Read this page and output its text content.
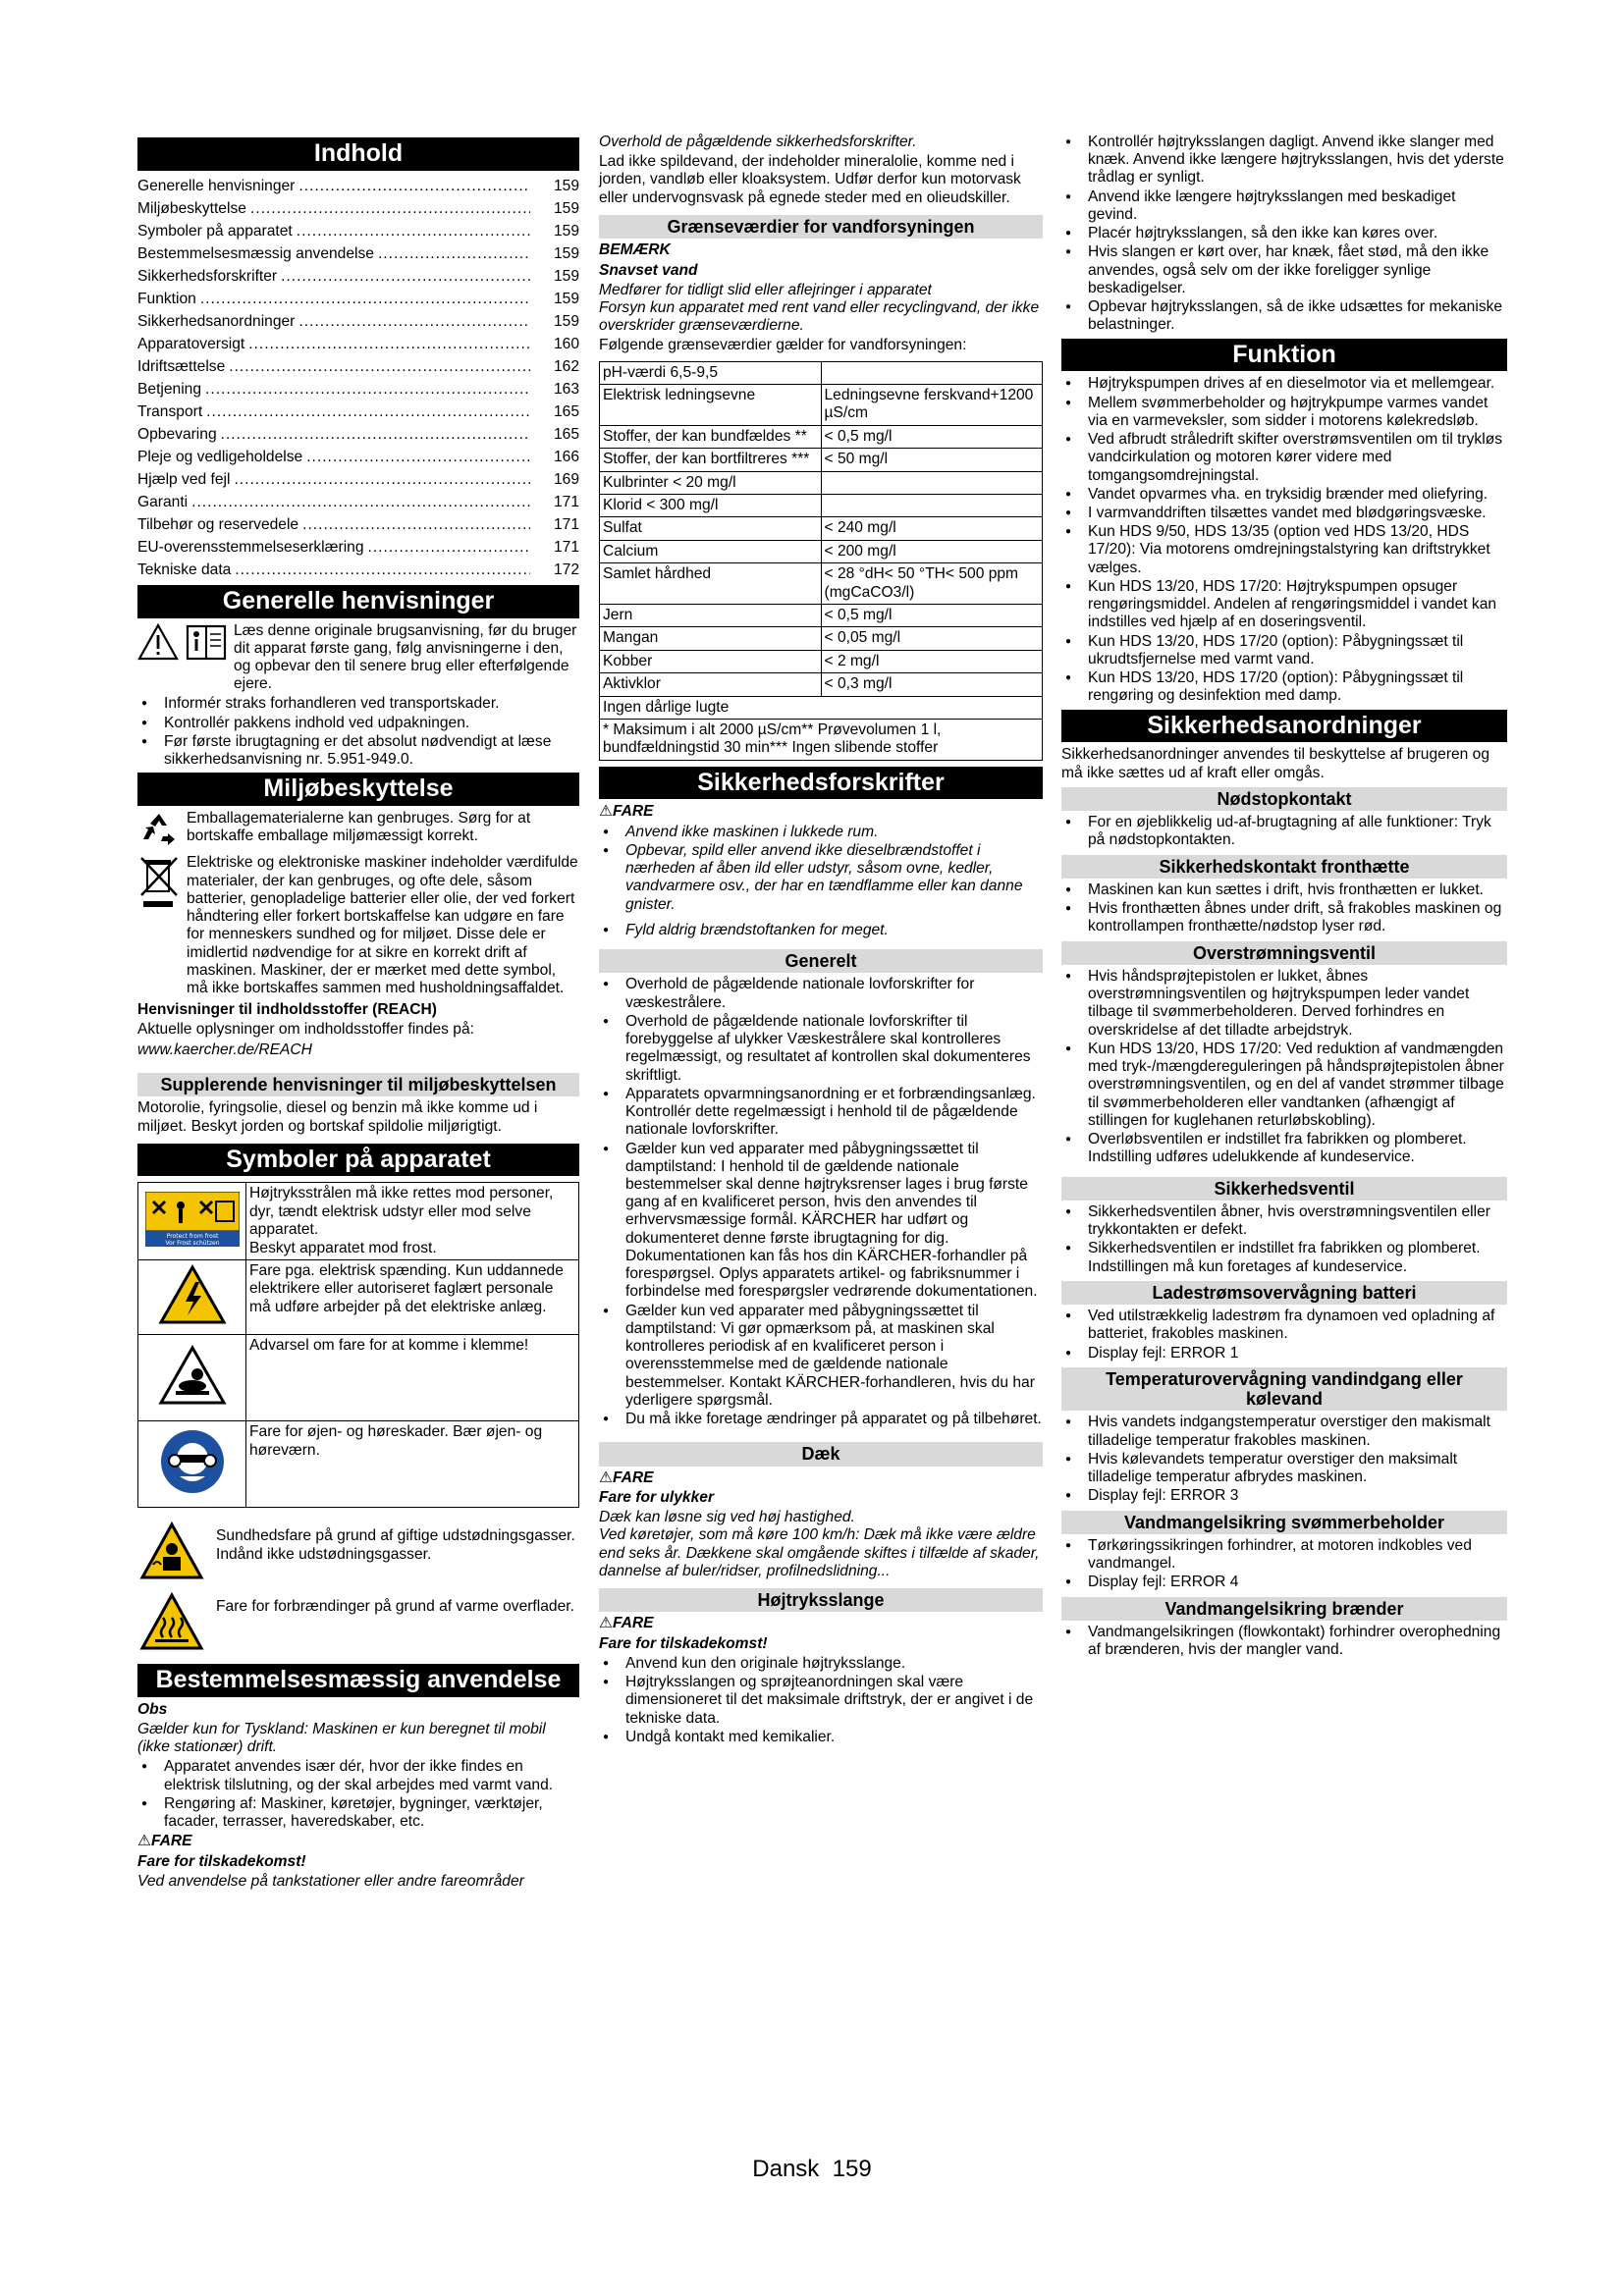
Indhold
Generelle henvisninger .....	159
Miljøbeskyttelse .....	159
Symboler på apparatet .....	159
Bestemmelsesmæssig anvendelse .....	159
Sikkerhedsforskrifter .....	159
Funktion .....	159
Sikkerhedsanordninger .....	159
Apparatoversigt .....	160
Idriftsættelse .....	162
Betjening .....	163
Transport .....	165
Opbevaring .....	165
Pleje og vedligeholdelse .....	166
Hjælp ved fejl .....	169
Garanti .....	171
Tilbehør og reservedele .....	171
EU-overensstemmelseserklæring .....	171
Tekniske data .....	172
Generelle henvisninger

Læs denne originale brugsanvisning, før du bruger dit apparat første gang, følg anvisningerne i den, og opbevar den til senere brug eller efterfølgende ejere.

● Informér straks forhandleren ved transportskader.
● Kontrollér pakkens indhold ved udpakningen.
● Før første ibrugtagning er det absolut nødvendigt at læse sikkerhedsanvisning nr. 5.951-949.0.
Miljøbeskyttelse

Emballagematerialerne kan genbruges. Sørg for at bortskaffe emballage miljømæssigt korrekt.

Elektriske og elektroniske maskiner indeholder værdifulde materialer, der kan genbruges, og ofte dele, såsom batterier, genopladelige batterier eller olie, der ved forkert håndtering eller forkert bortskaffelse kan udgøre en fare for menneskers sundhed og for miljøet. Disse dele er imidlertid nødvendige for at sikre en korrekt drift af maskinen. Maskiner, der er mærket med dette symbol, må ikke bortskaffes sammen med husholdningsaffaldet.

Henvisninger til indholdsstoffer (REACH)

Aktuelle oplysninger om indholdsstoffer findes på:

www.kaercher.de/REACH

Supplerende henvisninger til miljøbeskyttelsen

Motorolie, fyringsolie, diesel og benzin må ikke komme ud i miljøet. Beskyt jorden og bortskaf spildolie miljørigtigt.

Symboler på apparatet
Protect from frost
Vor Frost schützen	Højtryksstrålen må ikke rettes mod personer, dyr, tændt elektrisk udstyr eller mod selve apparatet.
Beskyt apparatet mod frost.
	Fare pga. elektrisk spænding. Kun uddannede elektrikere eller autoriseret faglært personale må udføre arbejder på det elektriske anlæg.
	Advarsel om fare for at komme i klemme!
	Fare for øjen- og høreskader. Bær øjen- og høreværn.

Sundhedsfare på grund af giftige udstødningsgasser. Indånd ikke udstødningsgasser.

Fare for forbrændinger på grund af varme overflader.

Bestemmelsesmæssig anvendelse

Obs

Gælder kun for Tyskland: Maskinen er kun beregnet til mobil (ikke stationær) drift.

● Apparatet anvendes især dér, hvor der ikke findes en elektrisk tilslutning, og der skal arbejdes med varmt vand.
● Rengøring af: Maskiner, køretøjer, bygninger, værktøjer, facader, terrasser, haveredskaber, etc.

⚠FARE

Fare for tilskadekomst!

Ved anvendelse på tankstationer eller andre fareområder

Overhold de pågældende sikkerhedsforskrifter.

Lad ikke spildevand, der indeholder mineralolie, komme ned i jorden, vandløb eller kloaksystem. Udfør derfor kun motorvask eller undervognsvask på egnede steder med en olieudskiller.

Grænseværdier for vandforsyningen

BEMÆRK

Snavset vand

Medfører for tidligt slid eller aflejringer i apparatet
Forsyn kun apparatet med rent vand eller recyclingvand, der ikke overskrider grænseværdierne.

Følgende grænseværdier gælder for vandforsyningen:

pH-værdi 6,5-9,5	
Elektrisk ledningsevne	Ledningsevne ferskvand+1200 µS/cm
Stoffer, der kan bundfældes **	< 0,5 mg/l
Stoffer, der kan bortfiltreres ***	< 50 mg/l
Kulbrinter < 20 mg/l	
Klorid < 300 mg/l	
Sulfat	< 240 mg/l
Calcium	< 200 mg/l
Samlet hårdhed	< 28 °dH< 50 °TH< 500 ppm (mgCaCO3/l)
Jern	< 0,5 mg/l
Mangan	< 0,05 mg/l
Kobber	< 2 mg/l
Aktivklor	< 0,3 mg/l
Ingen dårlige lugte	
* Maksimum i alt 2000 µS/cm** Prøvevolumen 1 l, bundfældningstid 30 min*** Ingen slibende stoffer	
Sikkerhedsforskrifter

⚠FARE

● Anvend ikke maskinen i lukkede rum.
● Opbevar, spild eller anvend ikke dieselbrændstoffet i nærheden af åben ild eller udstyr, såsom ovne, kedler, vandvarmere osv., der har en tændflamme eller kan danne gnister.
● Fyld aldrig brændstoftanken for meget.
Generelt
● Overhold de pågældende nationale lovforskrifter for væskestrålere.
● Overhold de pågældende nationale lovforskrifter til forebyggelse af ulykker Væskestrålere skal kontrolleres regelmæssigt, og resultatet af kontrollen skal dokumenteres skriftligt.
● Apparatets opvarmningsanordning er et forbrændingsanlæg. Kontrollér dette regelmæssigt i henhold til de pågældende nationale lovforskrifter.
● Gælder kun ved apparater med påbygningssættet til damptilstand: I henhold til de gældende nationale bestemmelser skal denne højtryksrenser lages i brug første gang af en kvalificeret person, hvis den anvendes til erhvervsmæssige formål. KÄRCHER har udført og dokumenteret denne første ibrugtagning for dig. Dokumentationen kan fås hos din KÄRCHER-forhandler på forespørgsel. Oplys apparatets artikel- og fabriksnummer i forbindelse med forespørgsler vedrørende dokumentationen.
● Gælder kun ved apparater med påbygningssættet til damptilstand: Vi gør opmærksom på, at maskinen skal kontrolleres periodisk af en kvalificeret person i overensstemmelse med de gældende nationale bestemmelser. Kontakt KÄRCHER-forhandleren, hvis du har yderligere spørgsmål.
● Du må ikke foretage ændringer på apparatet og på tilbehøret.
Dæk

⚠FARE

Fare for ulykker

Dæk kan løsne sig ved høj hastighed.
Ved køretøjer, som må køre 100 km/h: Dæk må ikke være ældre end seks år. Dækkene skal omgående skiftes i tilfælde af skader, dannelse af buler/ridser, profilnedslidning...

Højtryksslange

⚠FARE

Fare for tilskadekomst!

● Anvend kun den originale højtryksslange.
● Højtryksslangen og sprøjteanordningen skal være dimensioneret til det maksimale driftstryk, der er angivet i de tekniske data.
● Undgå kontakt med kemikalier.
● Kontrollér højtryksslangen dagligt. Anvend ikke slanger med knæk. Anvend ikke længere højtryksslangen, hvis det yderste trådlag er synligt.
● Anvend ikke længere højtryksslangen med beskadiget gevind.
● Placér højtryksslangen, så den ikke kan køres over.
● Hvis slangen er kørt over, har knæk, fået stød, må den ikke anvendes, også selv om der ikke foreligger synlige beskadigelser.
● Opbevar højtryksslangen, så de ikke udsættes for mekaniske belastninger.
Funktion
● Højtrykspumpen drives af en dieselmotor via et mellemgear.
● Mellem svømmerbeholder og højtrykpumpe varmes vandet via en varmeveksler, som sidder i motorens kølekredsløb.
● Ved afbrudt stråledrift skifter overstrømsventilen om til trykløs vandcirkulation og motoren kører videre med tomgangsomdrejningstal.
● Vandet opvarmes vha. en tryksidig brænder med oliefyring.
● I varmvanddriften tilsættes vandet med blødgøringsvæske.
● Kun HDS 9/50, HDS 13/35 (option ved HDS 13/20, HDS 17/20): Via motorens omdrejningstalstyring kan driftstrykket vælges.
● Kun HDS 13/20, HDS 17/20: Højtrykspumpen opsuger rengøringsmiddel. Andelen af rengøringsmiddel i vandet kan indstilles ved hjælp af en doseringsventil.
● Kun HDS 13/20, HDS 17/20 (option): Påbygningssæt til ukrudtsfjernelse med varmt vand.
● Kun HDS 13/20, HDS 17/20 (option): Påbygningssæt til rengøring og desinfektion med damp.
Sikkerhedsanordninger

Sikkerhedsanordninger anvendes til beskyttelse af brugeren og må ikke sættes ud af kraft eller omgås.

Nødstopkontakt
● For en øjeblikkelig ud-af-brugtagning af alle funktioner: Tryk på nødstopkontakten.
Sikkerhedskontakt fronthætte
● Maskinen kan kun sættes i drift, hvis fronthætten er lukket.
● Hvis fronthætten åbnes under drift, så frakobles maskinen og kontrollampen fronthætte/nødstop lyser rød.
Overstrømningsventil
● Hvis håndsprøjtepistolen er lukket, åbnes overstrømningsventilen og højtrykspumpen leder vandet tilbage til svømmerbeholderen. Derved forhindres en overskridelse af det tilladte arbejdstryk.
● Kun HDS 13/20, HDS 17/20: Ved reduktion af vandmængden med tryk-/mængdereguleringen på håndsprøjtepistolen åbner overstrømningsventilen, og en del af vandet strømmer tilbage til svømmerbeholderen eller vandtanken (afhængigt af stillingen for kuglehanen returløbskobling).
● Overløbsventilen er indstillet fra fabrikken og plomberet. Indstilling udføres udelukkende af kundeservice.
Sikkerhedsventil
● Sikkerhedsventilen åbner, hvis overstrømningsventilen eller trykkontakten er defekt.
● Sikkerhedsventilen er indstillet fra fabrikken og plomberet. Indstillingen må kun foretages af kundeservice.
Ladestrømsovervågning batteri
● Ved utilstrækkelig ladestrøm fra dynamoen ved opladning af batteriet, frakobles maskinen.
● Display fejl: ERROR 1
Temperaturovervågning vandindgang eller kølevand
● Hvis vandets indgangstemperatur overstiger den makismalt tilladelige temperatur frakobles maskinen.
● Hvis kølevandets temperatur overstiger den maksimalt tilladelige temperatur afbrydes maskinen.
● Display fejl: ERROR 3
Vandmangelsikring svømmerbeholder
● Tørkøringssikringen forhindrer, at motoren indkobles ved vandmangel.
● Display fejl: ERROR 4
Vandmangelsikring brænder
● Vandmangelsikringen (flowkontakt) forhindrer overophedning af brænderen, hvis der mangler vand.
Dansk 159
